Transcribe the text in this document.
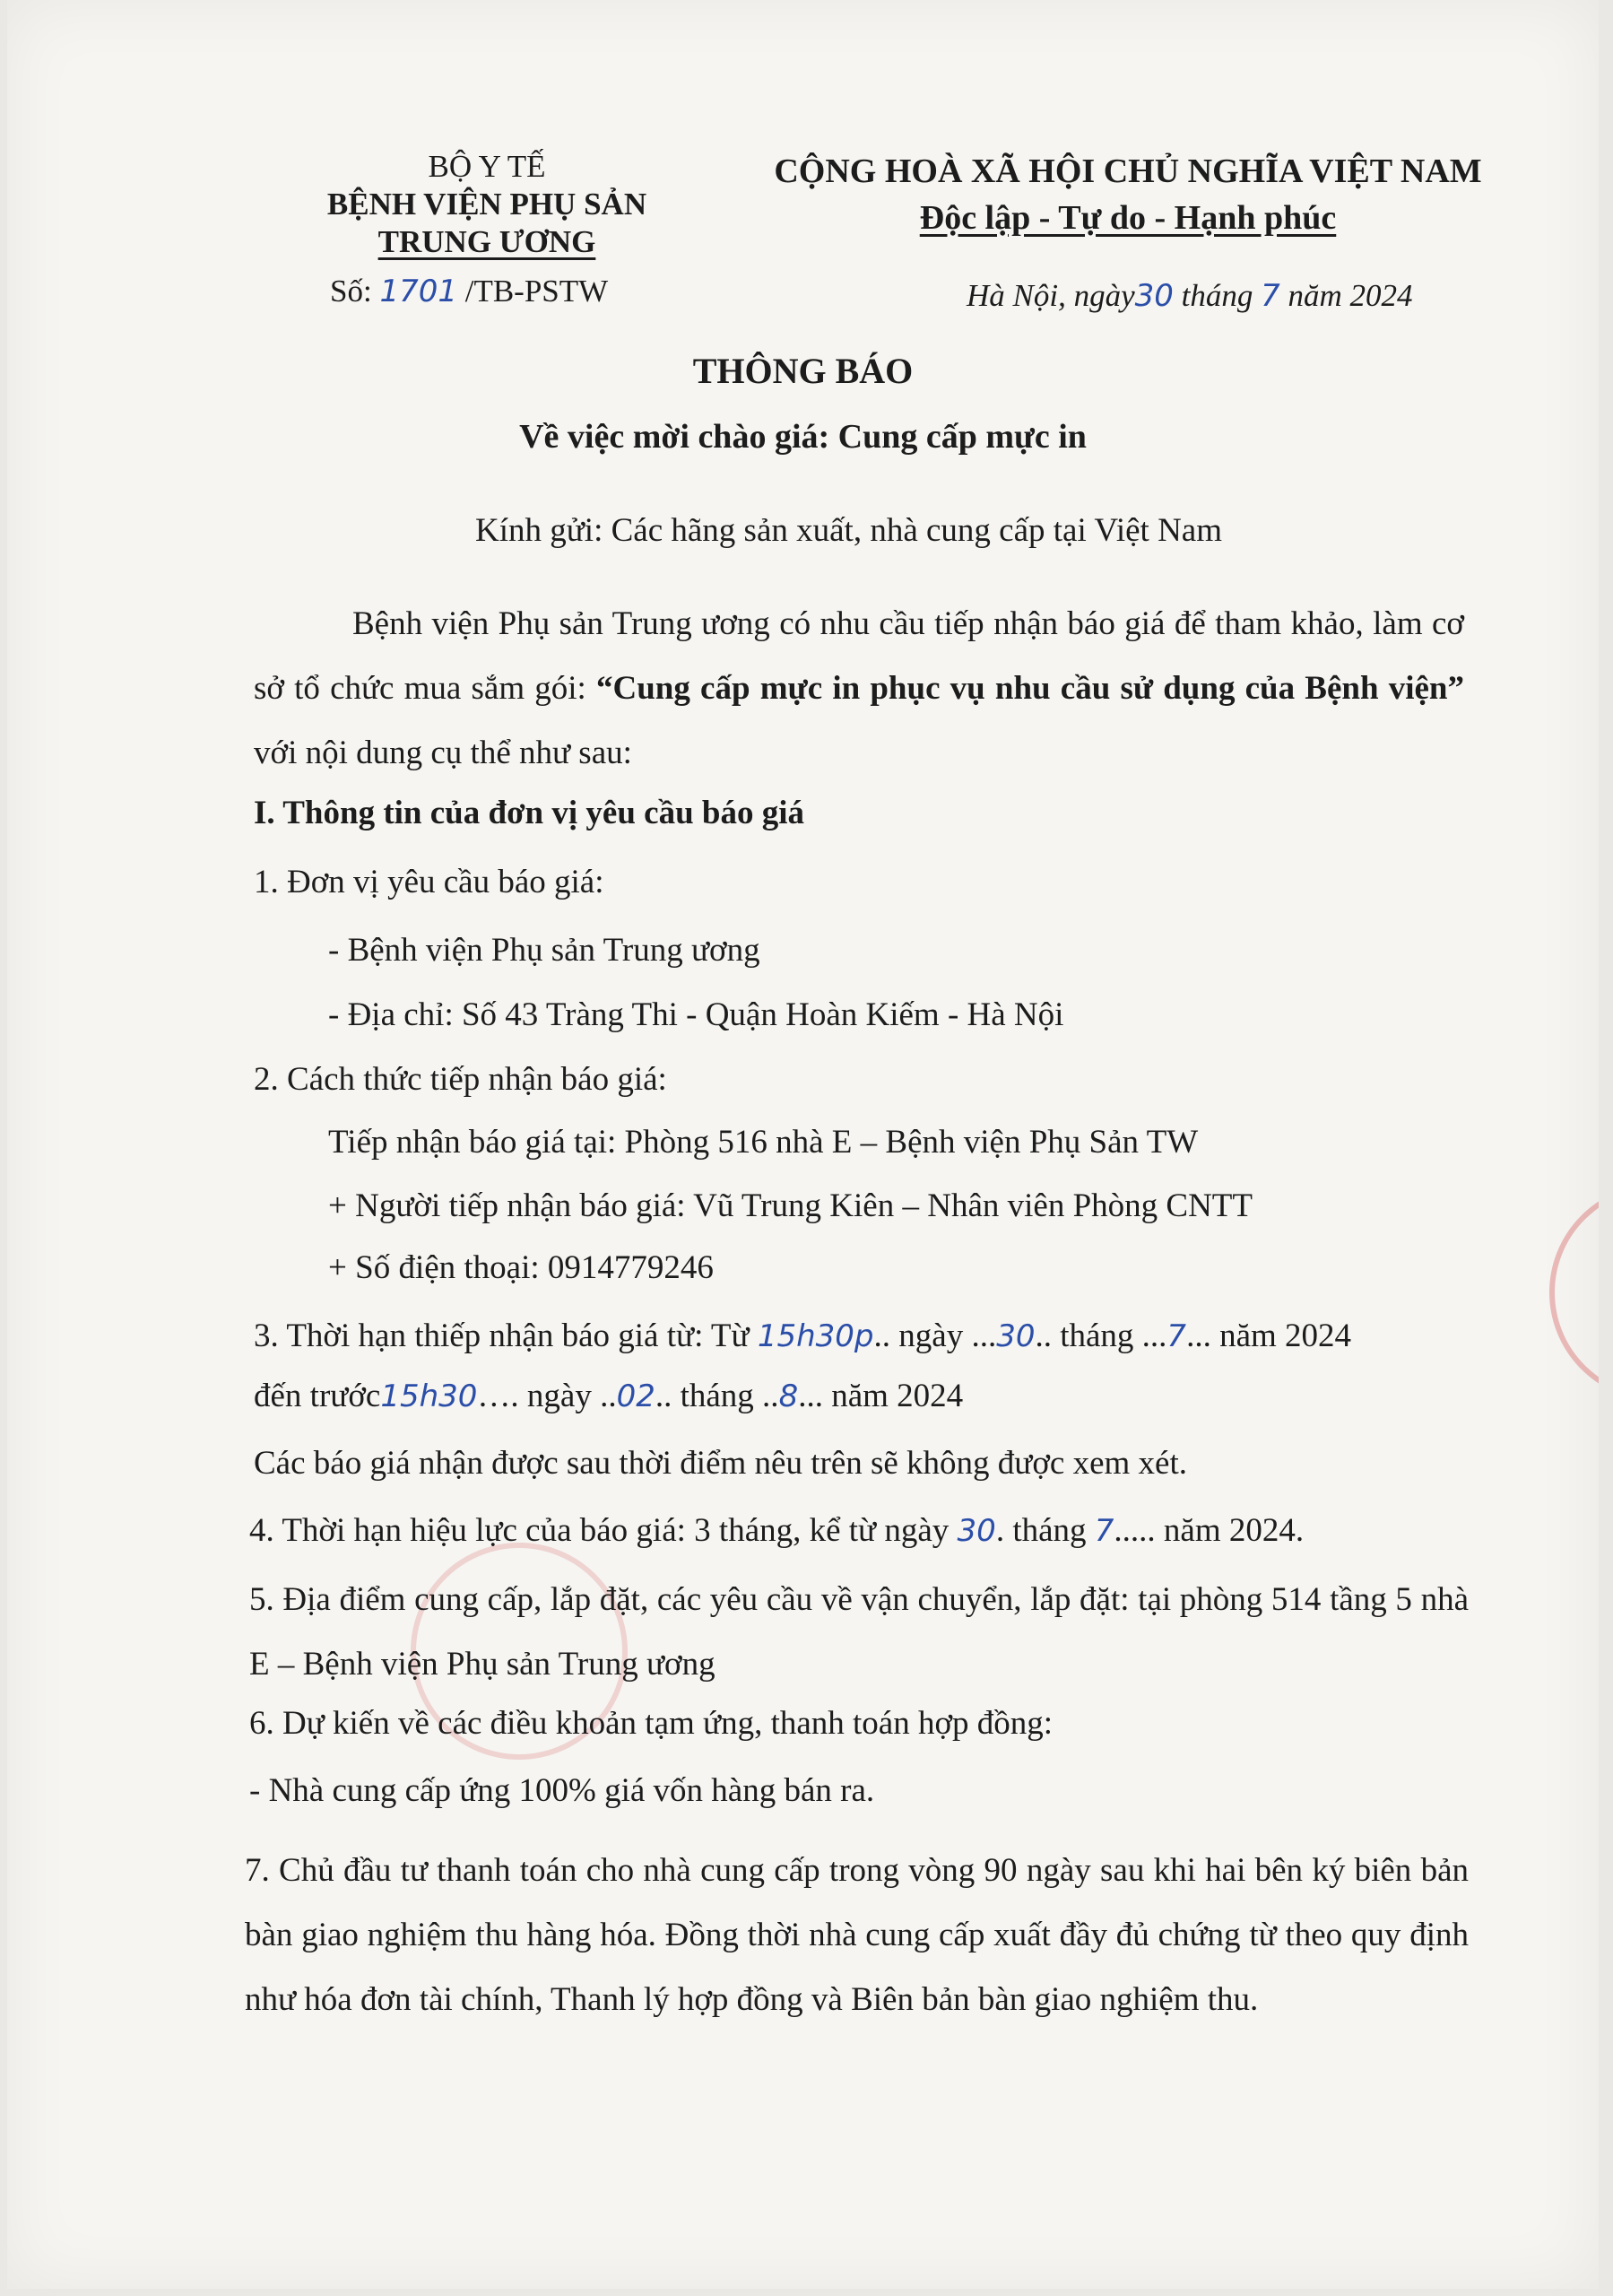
BỘ Y TẾ
BỆNH VIỆN PHỤ SẢN
TRUNG ƯƠNG
Số: 1701 /TB-PSTW
CỘNG HOÀ XÃ HỘI CHỦ NGHĨA VIỆT NAM
Độc lập - Tự do - Hạnh phúc
Hà Nội, ngày30 tháng 7 năm 2024
THÔNG BÁO
Về việc mời chào giá: Cung cấp mực in
Kính gửi: Các hãng sản xuất, nhà cung cấp tại Việt Nam
Bệnh viện Phụ sản Trung ương có nhu cầu tiếp nhận báo giá để tham khảo, làm cơ sở tổ chức mua sắm gói: “Cung cấp mực in phục vụ nhu cầu sử dụng của Bệnh viện” với nội dung cụ thể như sau:
I. Thông tin của đơn vị yêu cầu báo giá
1. Đơn vị yêu cầu báo giá:
- Bệnh viện Phụ sản Trung ương
- Địa chỉ: Số 43 Tràng Thi - Quận Hoàn Kiếm - Hà Nội
2. Cách thức tiếp nhận báo giá:
Tiếp nhận báo giá tại: Phòng 516 nhà E – Bệnh viện Phụ Sản TW
+ Người tiếp nhận báo giá: Vũ Trung Kiên – Nhân viên Phòng CNTT
+ Số điện thoại: 0914779246
3. Thời hạn thiếp nhận báo giá từ: Từ 15h30p.. ngày ...30.. tháng ...7... năm 2024
đến trước15h30…. ngày ..02.. tháng ..8... năm 2024
Các báo giá nhận được sau thời điểm nêu trên sẽ không được xem xét.
4. Thời hạn hiệu lực của báo giá: 3 tháng, kể từ ngày 30. tháng 7..... năm 2024.
5. Địa điểm cung cấp, lắp đặt, các yêu cầu về vận chuyển, lắp đặt: tại phòng 514 tầng 5 nhà E – Bệnh viện Phụ sản Trung ương
6. Dự kiến về các điều khoản tạm ứng, thanh toán hợp đồng:
- Nhà cung cấp ứng 100% giá vốn hàng bán ra.
7. Chủ đầu tư thanh toán cho nhà cung cấp trong vòng 90 ngày sau khi hai bên ký biên bản bàn giao nghiệm thu hàng hóa. Đồng thời nhà cung cấp xuất đầy đủ chứng từ theo quy định như hóa đơn tài chính, Thanh lý hợp đồng và Biên bản bàn giao nghiệm thu.
